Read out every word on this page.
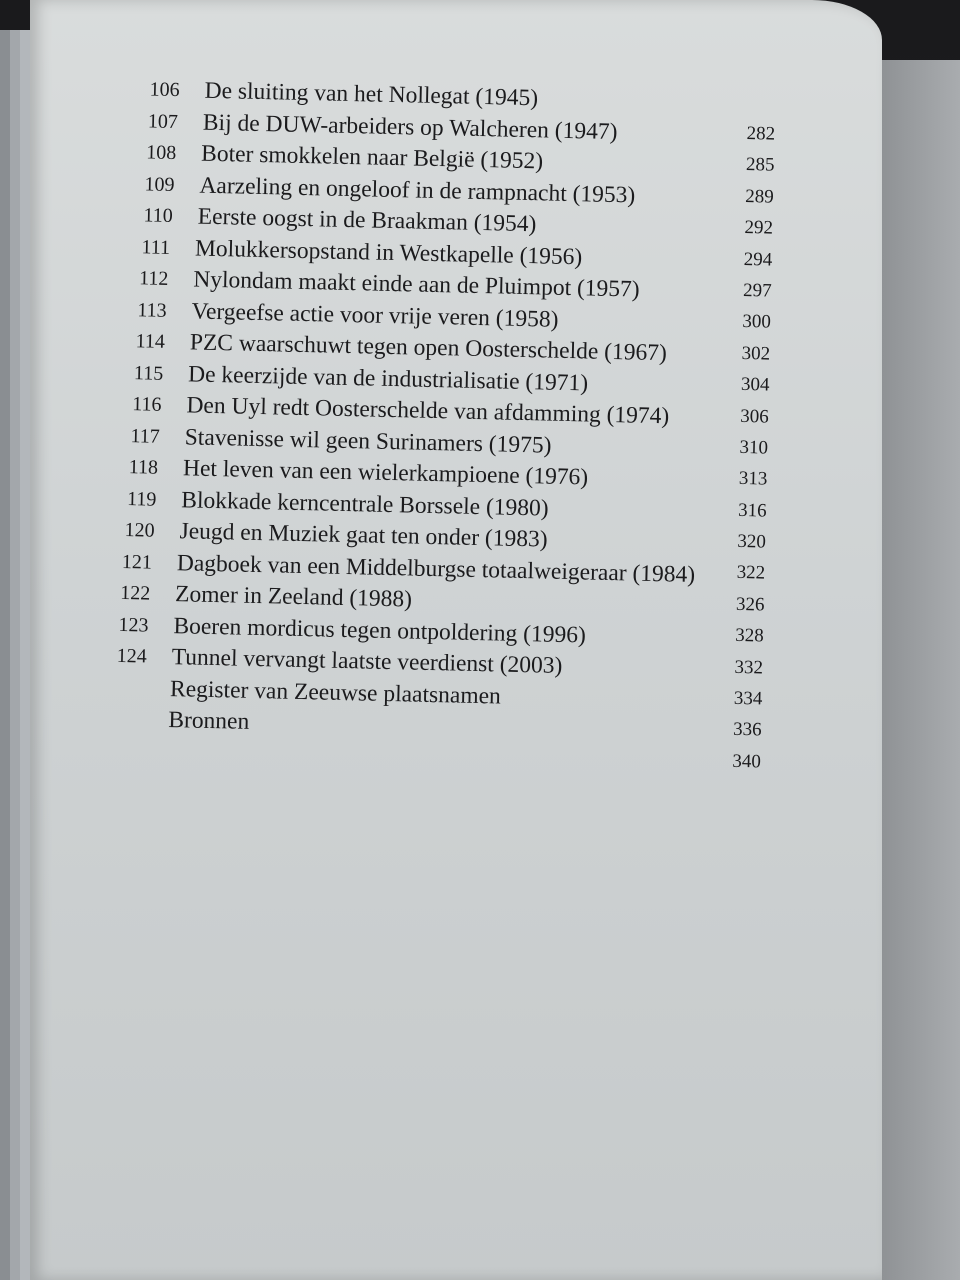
106 De sluiting van het Nollegat (1945)
107 Bij de DUW-arbeiders op Walcheren (1947)
108 Boter smokkelen naar België (1952)
109 Aarzeling en ongeloof in de rampnacht (1953)
110 Eerste oogst in de Braakman (1954)
111 Molukkersopstand in Westkapelle (1956)
112 Nylondam maakt einde aan de Pluimpot (1957)
113 Vergeefse actie voor vrije veren (1958)
114 PZC waarschuwt tegen open Oosterschelde (1967)
115 De keerzijde van de industrialisatie (1971)
116 Den Uyl redt Oosterschelde van afdamming (1974)
117 Stavenisse wil geen Surinamers (1975)
118 Het leven van een wielerkampioene (1976)
119 Blokkade kerncentrale Borssele (1980)
120 Jeugd en Muziek gaat ten onder (1983)
121 Dagboek van een Middelburgse totaalweigeraar (1984)
122 Zomer in Zeeland (1988)
123 Boeren mordicus tegen ontpoldering (1996)
124 Tunnel vervangt laatste veerdienst (2003)
Register van Zeeuwse plaatsnamen
Bronnen
282
285
289
292
294
297
300
302
304
306
310
313
316
320
322
326
328
332
334
336
340
